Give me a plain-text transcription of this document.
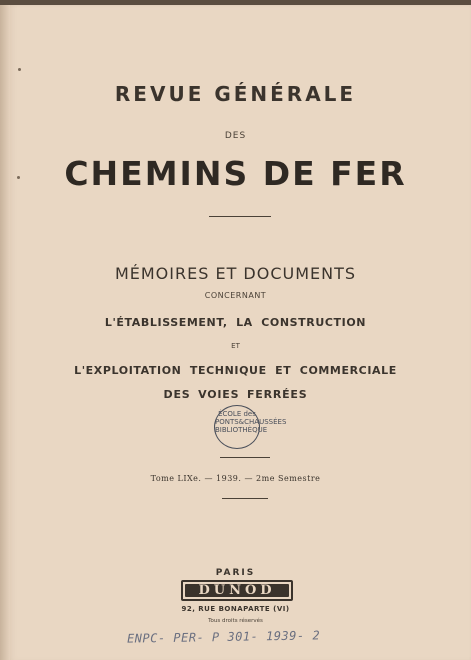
REVUE GÉNÉRALE
DES
CHEMINS DE FER
MÉMOIRES ET DOCUMENTS
CONCERNANT
L'ÉTABLISSEMENT, LA CONSTRUCTION
ET
L'EXPLOITATION TECHNIQUE ET COMMERCIALE
DES VOIES FERRÉES
ÉCOLE des PONTS&CHAUSSÉES BIBLIOTHÈQUE
Tome LIXe. — 1939. — 2me Semestre
PARIS
DUNOD
92, RUE BONAPARTE (VI)
Tous droits réservés
ENPC- PER- P 301- 1939- 2
